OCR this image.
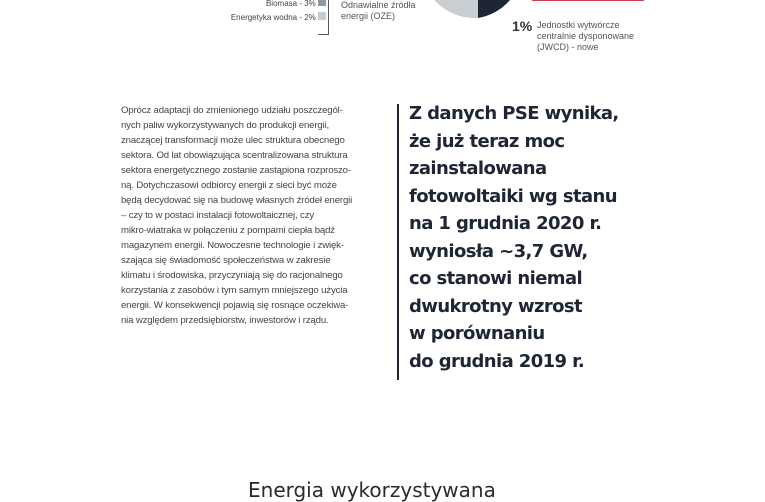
Biomasa - 3%
Energetyka wodna - 2%
Odnawialne źródła
energii (OZE)
1% Jednostki wytwórcze
centralnie dysponowane
(JWCD) - nowe
Oprócz adaptacji do zmienionego udziału poszczegól-
nych paliw wykorzystywanych do produkcji energii,
znaczącej transformacji może ulec struktura obecnego
sektora. Od lat obowiązująca scentralizowana struktura
sektora energetycznego zostanie zastąpiona rozproszo-
ną. Dotychczasowi odbiorcy energii z sieci być może
będą decydować się na budowę własnych źródeł energii
– czy to w postaci instalacji fotowoltaicznej, czy
mikro-wiatraka w połączeniu z pompami ciepła bądź
magazynem energii. Nowoczesne technologie i zwięk-
szająca się świadomość społeczeństwa w zakresie
klimatu i środowiska, przyczyniają się do racjonalnego
korzystania z zasobów i tym samym mniejszego użycia
energii. W konsekwencji pojawią się rosnące oczekiwa-
nia względem przedsiębiorstw, inwestorów i rządu.
Z danych PSE wynika,
że już teraz moc
zainstalowana
fotowoltaiki wg stanu
na 1 grudnia 2020 r.
wyniosła ~3,7 GW,
co stanowi niemal
dwukrotny wzrost
w porównaniu
do grudnia 2019 r.
Energia wykorzystywana
